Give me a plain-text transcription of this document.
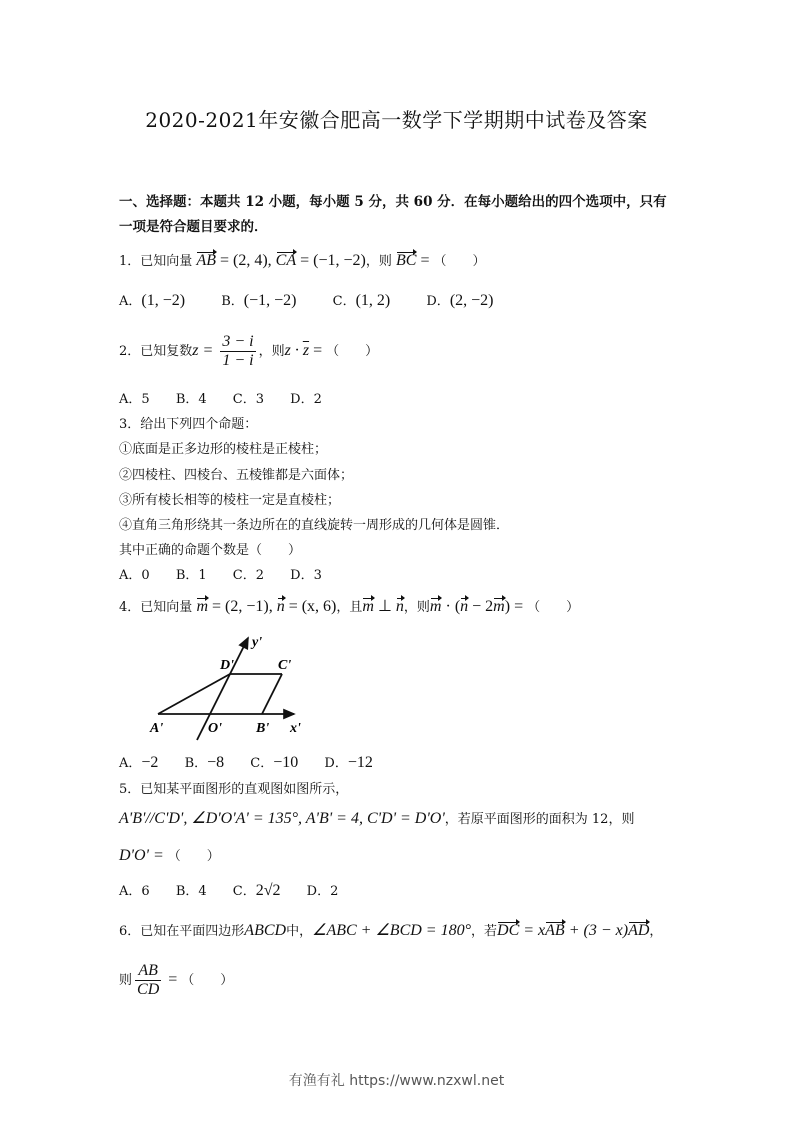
2020-2021年安徽合肥高一数学下学期期中试卷及答案
一、选择题：本题共 12 小题，每小题 5 分，共 60 分．在每小题给出的四个选项中，只有
一项是符合题目要求的．
1．已知向量 AB = (2, 4), CA = (−1, −2)，则 BC = （　　）
A．(1, −2)	B．(−1, −2)	C．(1, 2)	D．(2, −2)
2．已知复数$z = \frac{3 - i}{1 - i}$ ，则$z \cdot \overline{z}$ = （　　）
A．5 B．4 C．3 D．2
3．给出下列四个命题：
①底面是正多边形的棱柱是正棱柱；
②四棱柱、四棱台、五棱锥都是六面体；
③所有棱长相等的棱柱一定是直棱柱；
④直角三角形绕其一条边所在的直线旋转一周形成的几何体是圆锥．
其中正确的命题个数是（　　）
A．0 B．1 C．2 D．3
4．已知向量 m = (2, −1), n = (x, 6)，且m ⊥ n，则m · (n − 2m) = （　　）
A'	O' B' x'
D'	C'
y'
A．−2 B．−8 C．−10 D．−12
5．已知某平面图形的直观图如图所示，
A'B'//C'D', ∠D'O'A' = 135°, A'B' = 4, C'D' = D'O'，若原平面图形的面积为 12，则
D'O' = （　　）
A．6 B．4 C．2√2 D．2
6．已知在平面四边形ABCD中，∠ABC + ∠BCD = 180°，若DC = xAB + (3 − x)AD，
则 $\frac{AB}{CD}$ = （　　）
有渔有礼 https://www.nzxwl.net
